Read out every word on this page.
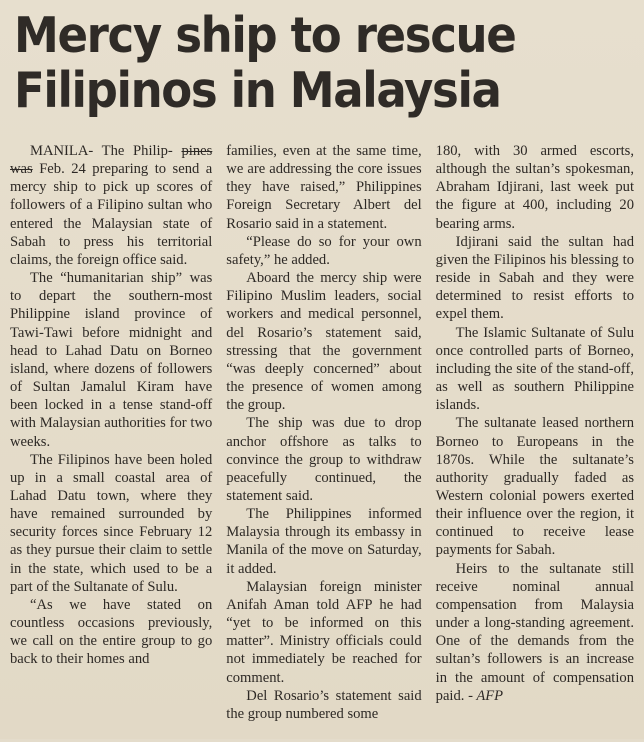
Mercy ship to rescue
Filipinos in Malaysia

MANILA- The Philip- pines was Feb. 24 preparing to send a mercy ship to pick up scores of followers of a Filipino sultan who entered the Malaysian state of Sabah to press his territorial claims, the foreign office said.

The “humanitarian ship” was to depart the southern-most Philippine island province of Tawi-Tawi before midnight and head to Lahad Datu on Borneo island, where dozens of followers of Sultan Jamalul Kiram have been locked in a tense stand-off with Malaysian authorities for two weeks.

The Filipinos have been holed up in a small coastal area of Lahad Datu town, where they have remained surrounded by security forces since February 12 as they pursue their claim to settle in the state, which used to be a part of the Sultanate of Sulu.

“As we have stated on countless occasions previously, we call on the entire group to go back to their homes and

families, even at the same time, we are addressing the core issues they have raised,” Philippines Foreign Secretary Albert del Rosario said in a statement.

“Please do so for your own safety,” he added.

Aboard the mercy ship were Filipino Muslim leaders, social workers and medical personnel, del Rosario’s statement said, stressing that the government “was deeply concerned” about the presence of women among the group.

The ship was due to drop anchor offshore as talks to convince the group to withdraw peacefully continued, the statement said.

The Philippines informed Malaysia through its embassy in Manila of the move on Saturday, it added.

Malaysian foreign minister Anifah Aman told AFP he had “yet to be informed on this matter”. Ministry officials could not immediately be reached for comment.

Del Rosario’s statement said the group numbered some

180, with 30 armed escorts, although the sultan’s spokesman, Abraham Idjirani, last week put the figure at 400, including 20 bearing arms.

Idjirani said the sultan had given the Filipinos his blessing to reside in Sabah and they were determined to resist efforts to expel them.

The Islamic Sultanate of Sulu once controlled parts of Borneo, including the site of the stand-off, as well as southern Philippine islands.

The sultanate leased northern Borneo to Europeans in the 1870s. While the sultanate’s authority gradually faded as Western colonial powers exerted their influence over the region, it continued to receive lease payments for Sabah.

Heirs to the sultanate still receive nominal annual compensation from Malaysia under a long-standing agreement. One of the demands from the sultan’s followers is an increase in the amount of compensation paid. - AFP
